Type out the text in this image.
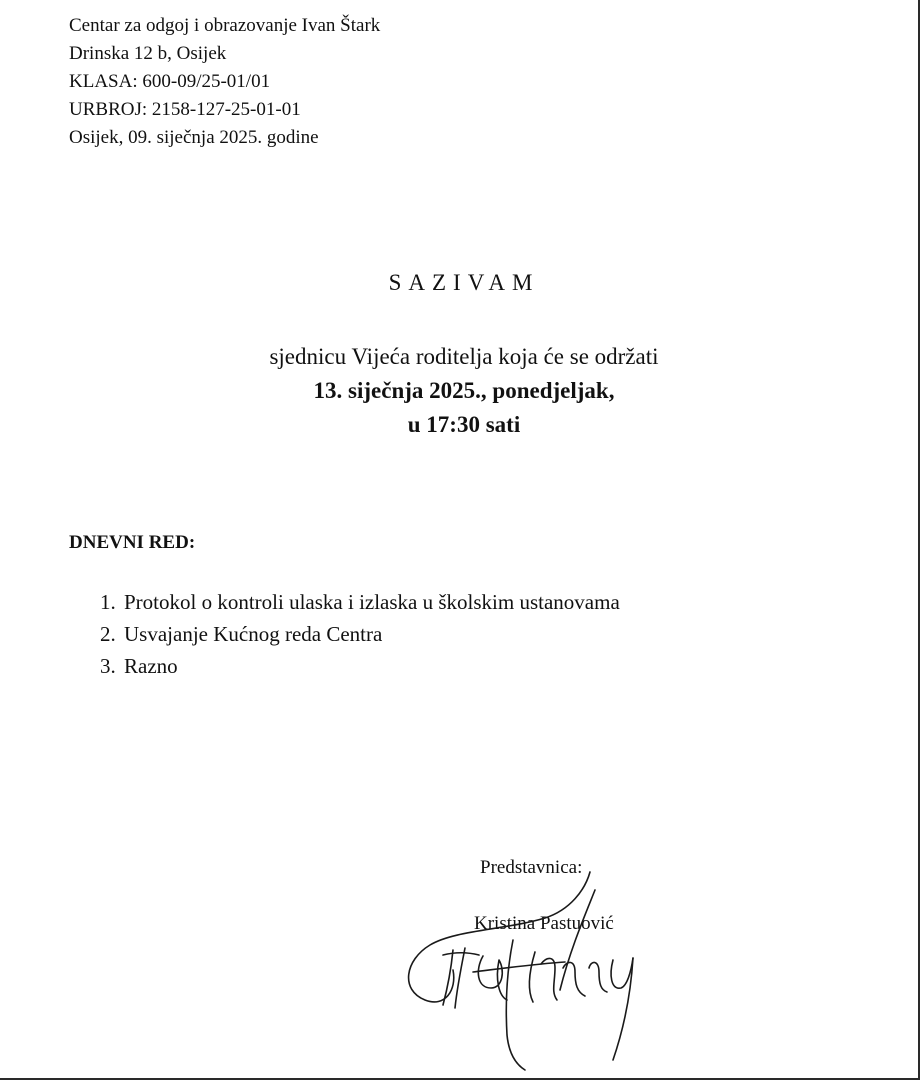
Centar za odgoj i obrazovanje Ivan Štark
Drinska 12 b, Osijek
KLASA: 600-09/25-01/01
URBROJ: 2158-127-25-01-01
Osijek, 09. siječnja 2025. godine
SAZIVAM
sjednicu Vijeća roditelja koja će se održati
13. siječnja 2025., ponedjeljak,
u 17:30 sati
DNEVNI RED:
1. Protokol o kontroli ulaska i izlaska u školskim ustanovama
2. Usvajanje Kućnog reda Centra
3. Razno
Predstavnica:
Kristina Pastuović
